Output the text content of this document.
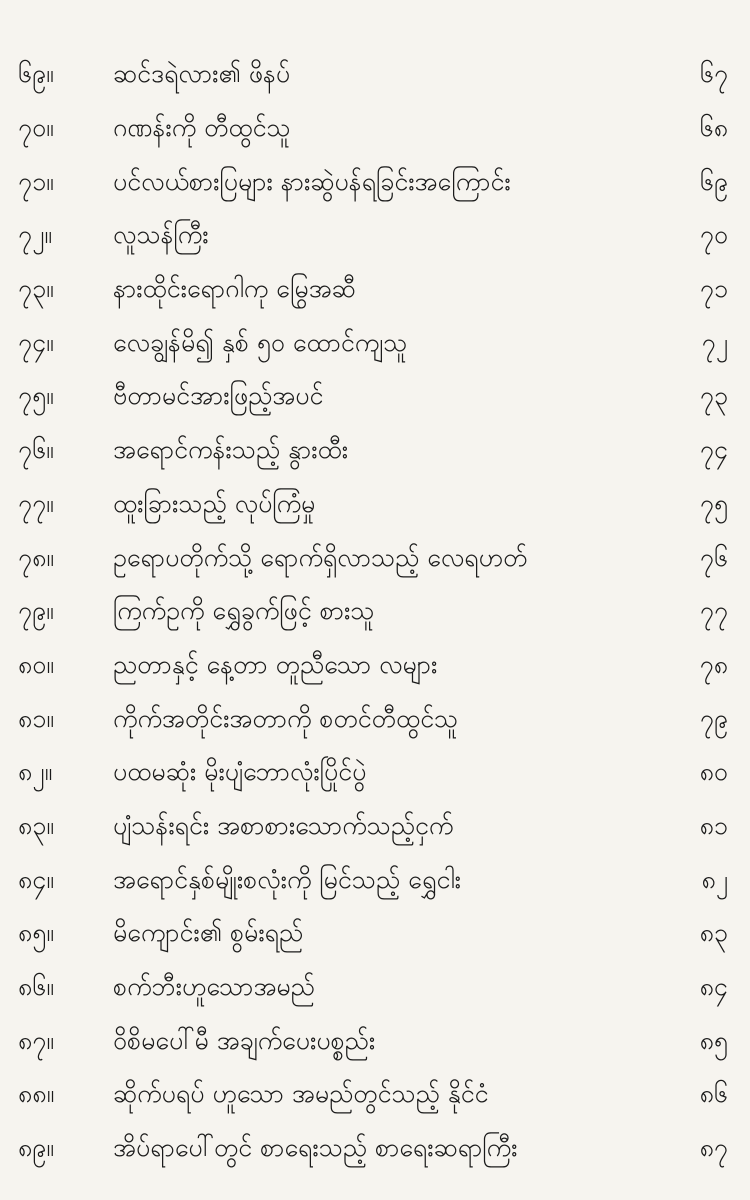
၆၉။	ဆင်ဒရဲလား၏ ဖိနပ်	၆၇
၇၀။	ဂဏန်းကို တီထွင်သူ	၆၈
၇၁။	ပင်လယ်စားပြများ နားဆွဲပန်ရခြင်းအကြောင်း	၆၉
၇၂။	လူသန်ကြီး	၇၀
၇၃။	နားထိုင်းရောဂါကု မြွေအဆီ	၇၁
၇၄။	လေချွန်မိ၍ နှစ် ၅၀ ထောင်ကျသူ	၇၂
၇၅။	ဗီတာမင်အားဖြည့်အပင်	၇၃
၇၆။	အရောင်ကန်းသည့် နွားထီး	၇၄
၇၇။	ထူးခြားသည့် လုပ်ကြံမှု	၇၅
၇၈။	ဥရောပတိုက်သို့ ရောက်ရှိလာသည့် လေရဟတ်	၇၆
၇၉။	ကြက်ဥကို ရွှေခွက်ဖြင့် စားသူ	၇၇
၈၀။	ညတာနှင့် နေ့တာ တူညီသော လများ	၇၈
၈၁။	ကိုက်အတိုင်းအတာကို စတင်တီထွင်သူ	၇၉
၈၂။	ပထမဆုံး မိုးပျံဘောလုံးပြိုင်ပွဲ	၈၀
၈၃။	ပျံသန်းရင်း အစာစားသောက်သည့်ငှက်	၈၁
၈၄။	အရောင်နှစ်မျိုးစလုံးကို မြင်သည့် ရွှေငါး	၈၂
၈၅။	မိကျောင်း၏ စွမ်းရည်	၈၃
၈၆။	စက်ဘီးဟူသောအမည်	၈၄
၈၇။	ဝိစိမပေါ်မီ အချက်ပေးပစ္စည်း	၈၅
၈၈။	ဆိုက်ပရပ် ဟူသော အမည်တွင်သည့် နိုင်ငံ	၈၆
၈၉။	အိပ်ရာပေါ်တွင် စာရေးသည့် စာရေးဆရာကြီး	၈၇
